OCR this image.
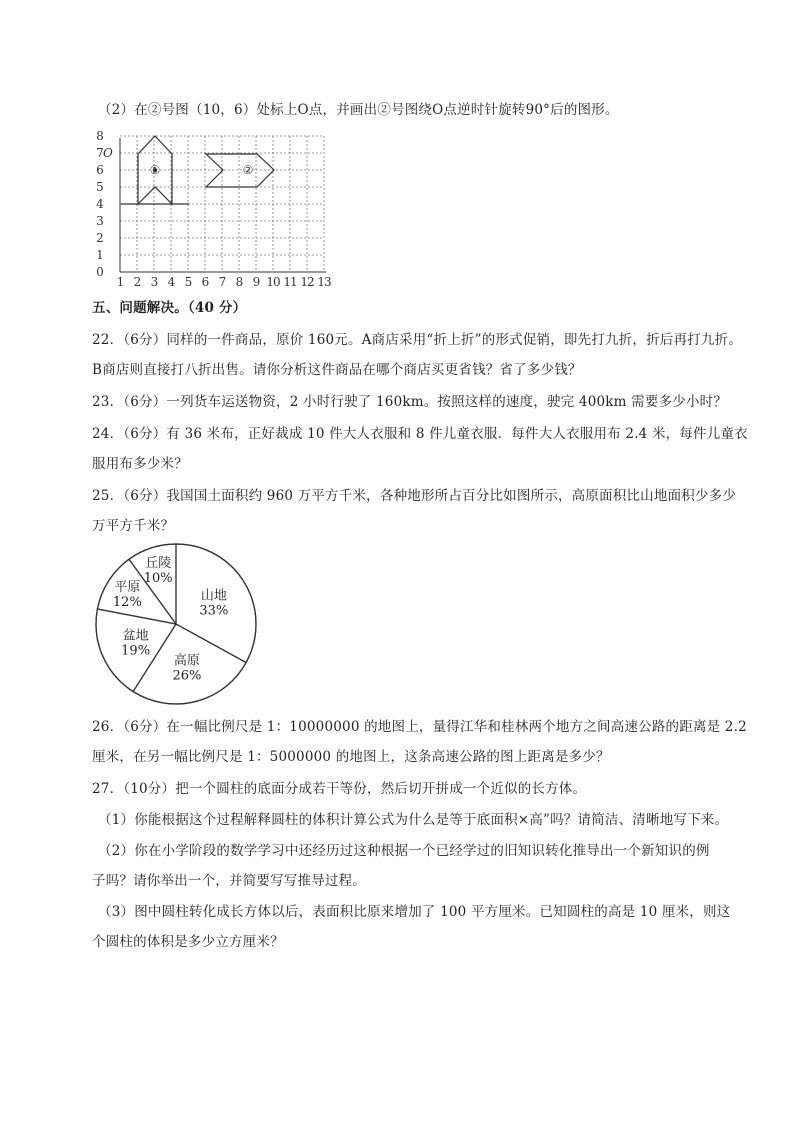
（2）在②号图（10，6）处标上O点，并画出②号图绕O点逆时针旋转90°后的图形。
①	②
O
0
1
2
3
4
5
6
7
8
1 2 3 4 5 6 7 8 9 10 11 12 13
五、问题解决。（40 分）
22．（6分）同样的一件商品，原价 160元。A商店采用“折上折”的形式促销，即先打九折，折后再打九折。
B商店则直接打八折出售。请你分析这件商品在哪个商店买更省钱？省了多少钱？
23．（6分）一列货车运送物资，2 小时行驶了 160km。按照这样的速度，驶完 400km 需要多少小时？
24．（6分）有 36 米布，正好裁成 10 件大人衣服和 8 件儿童衣服．每件大人衣服用布 2.4 米，每件儿童衣
服用布多少米？
25．（6分）我国国土面积约 960 万平方千米，各种地形所占百分比如图所示，高原面积比山地面积少多少
万平方千米？
山地
33%
高原
26%
盆地
19%
平原
12%
丘陵
10%
26．（6分）在一幅比例尺是 1：10000000 的地图上，量得江华和桂林两个地方之间高速公路的距离是 2.2
厘米，在另一幅比例尺是 1：5000000 的地图上，这条高速公路的图上距离是多少？
27．（10分）把一个圆柱的底面分成若干等份，然后切开拼成一个近似的长方体。
（1）你能根据这个过程解释圆柱的体积计算公式为什么是等于底面积×高”吗？请简洁、清晰地写下来。
（2）你在小学阶段的数学学习中还经历过这种根据一个已经学过的旧知识转化推导出一个新知识的例
子吗？请你举出一个，并简要写写推导过程。
（3）图中圆柱转化成长方体以后，表面积比原来增加了 100 平方厘米。已知圆柱的高是 10 厘米，则这
个圆柱的体积是多少立方厘米？
